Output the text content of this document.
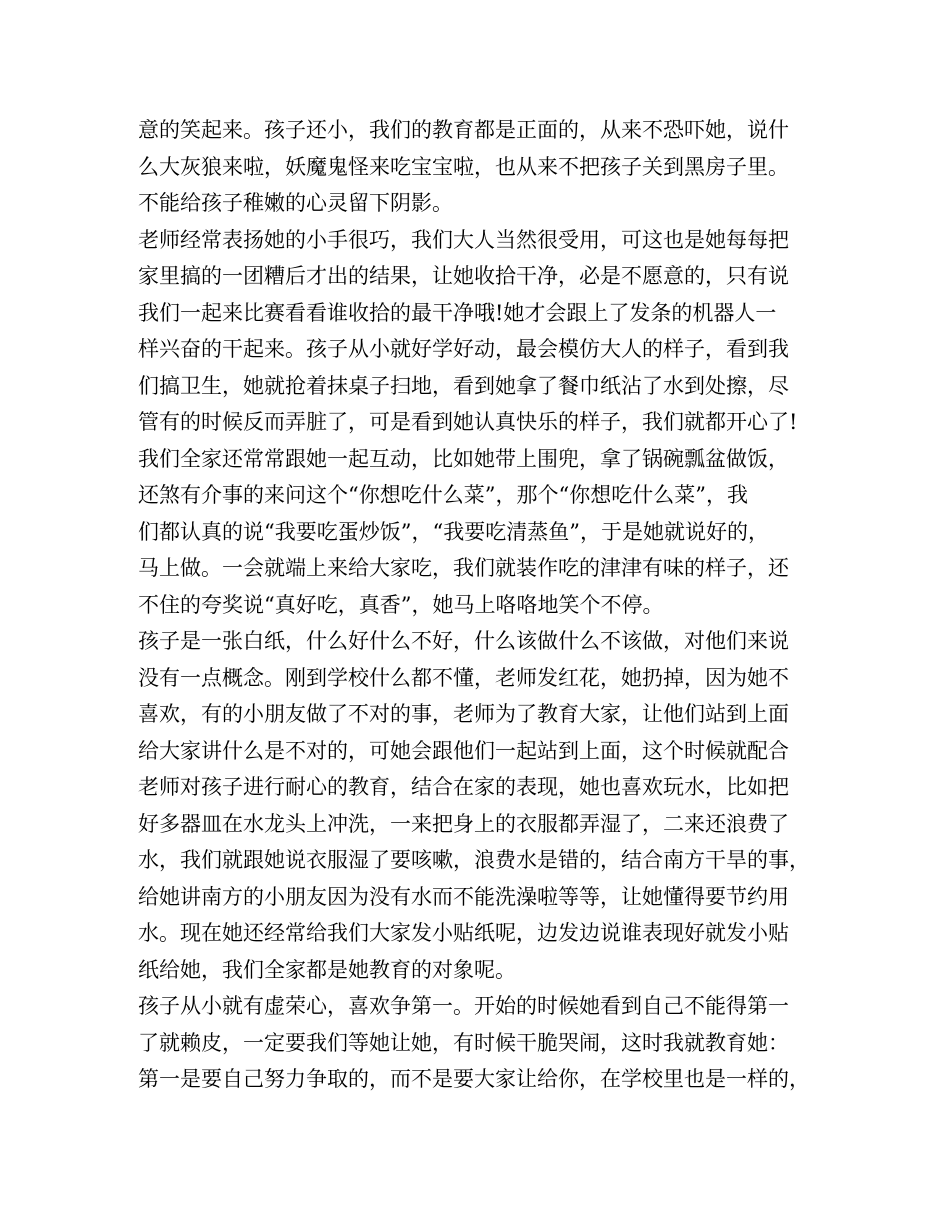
意的笑起来。孩子还小，我们的教育都是正面的，从来不恐吓她，说什
么大灰狼来啦，妖魔鬼怪来吃宝宝啦，也从来不把孩子关到黑房子里。
不能给孩子稚嫩的心灵留下阴影。
老师经常表扬她的小手很巧，我们大人当然很受用，可这也是她每每把
家里搞的一团糟后才出的结果，让她收拾干净，必是不愿意的，只有说
我们一起来比赛看看谁收拾的最干净哦!她才会跟上了发条的机器人一
样兴奋的干起来。孩子从小就好学好动，最会模仿大人的样子，看到我
们搞卫生，她就抢着抹桌子扫地，看到她拿了餐巾纸沾了水到处擦，尽
管有的时候反而弄脏了，可是看到她认真快乐的样子，我们就都开心了!
我们全家还常常跟她一起互动，比如她带上围兜，拿了锅碗瓢盆做饭，
还煞有介事的来问这个“你想吃什么菜”，那个“你想吃什么菜”，我
们都认真的说“我要吃蛋炒饭”，“我要吃清蒸鱼”，于是她就说好的，
马上做。一会就端上来给大家吃，我们就装作吃的津津有味的样子，还
不住的夸奖说“真好吃，真香”，她马上咯咯地笑个不停。
孩子是一张白纸，什么好什么不好，什么该做什么不该做，对他们来说
没有一点概念。刚到学校什么都不懂，老师发红花，她扔掉，因为她不
喜欢，有的小朋友做了不对的事，老师为了教育大家，让他们站到上面
给大家讲什么是不对的，可她会跟他们一起站到上面，这个时候就配合
老师对孩子进行耐心的教育，结合在家的表现，她也喜欢玩水，比如把
好多器皿在水龙头上冲洗，一来把身上的衣服都弄湿了，二来还浪费了
水，我们就跟她说衣服湿了要咳嗽，浪费水是错的，结合南方干旱的事，
给她讲南方的小朋友因为没有水而不能洗澡啦等等，让她懂得要节约用
水。现在她还经常给我们大家发小贴纸呢，边发边说谁表现好就发小贴
纸给她，我们全家都是她教育的对象呢。
孩子从小就有虚荣心，喜欢争第一。开始的时候她看到自己不能得第一
了就赖皮，一定要我们等她让她，有时候干脆哭闹，这时我就教育她：
第一是要自己努力争取的，而不是要大家让给你，在学校里也是一样的，
